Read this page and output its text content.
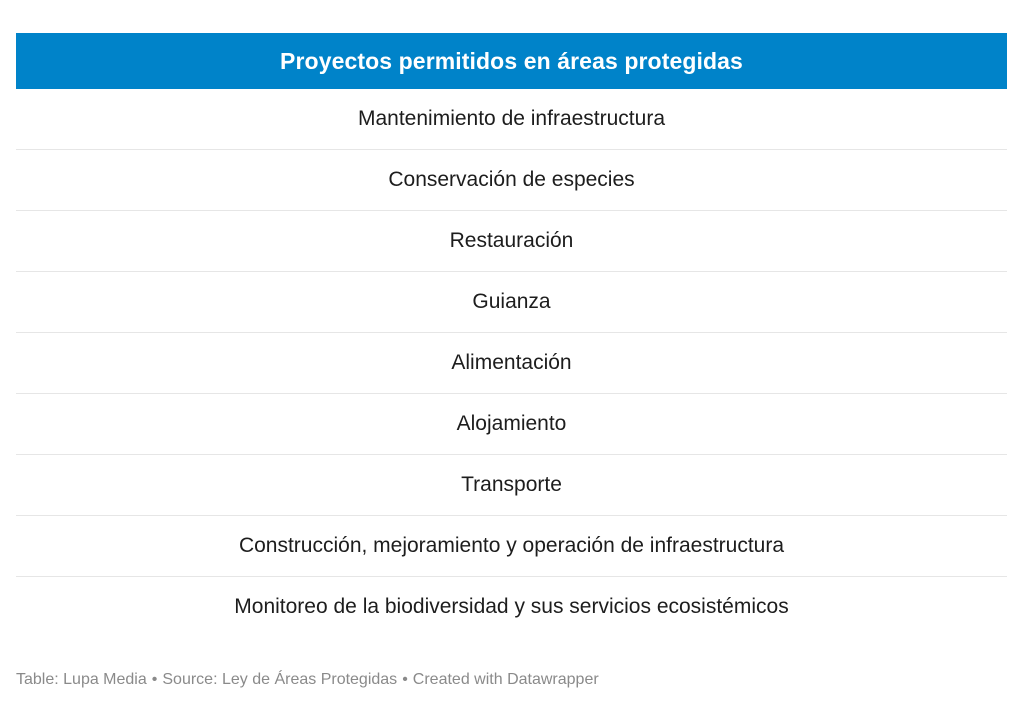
Proyectos permitidos en áreas protegidas
Mantenimiento de infraestructura
Conservación de especies
Restauración
Guianza
Alimentación
Alojamiento
Transporte
Construcción, mejoramiento y operación de infraestructura
Monitoreo de la biodiversidad y sus servicios ecosistémicos
Table: Lupa Media • Source: Ley de Áreas Protegidas • Created with Datawrapper
